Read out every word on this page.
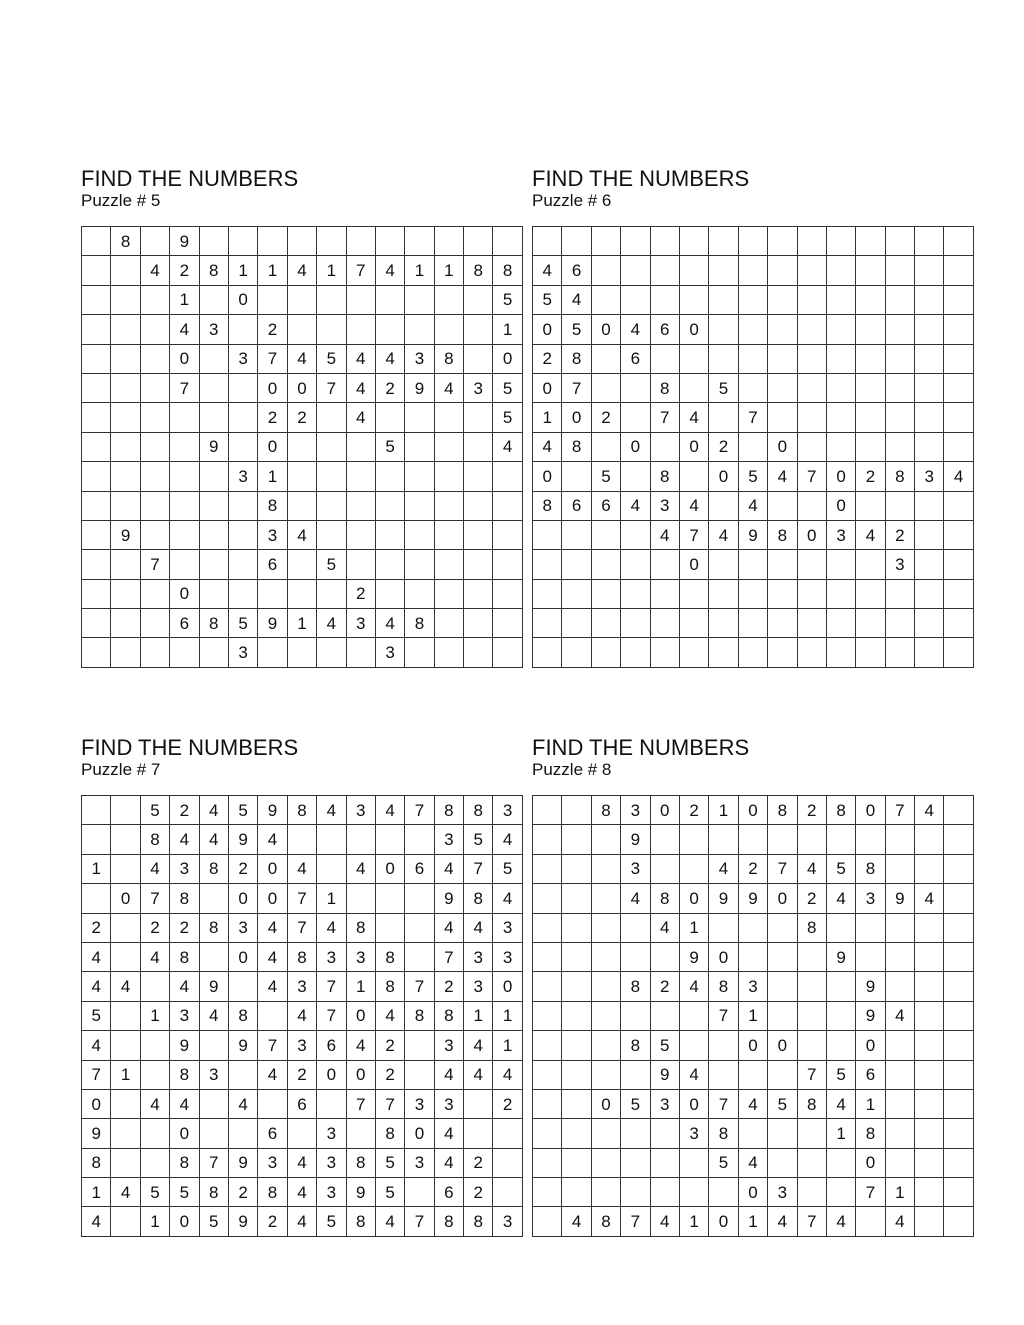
FIND THE NUMBERS
Puzzle # 5
	8		9											
		4	2	8	1	1	4	1	7	4	1	1	8	8
			1		0									5
			4	3		2								1
			0		3	7	4	5	4	4	3	8		0
			7			0	0	7	4	2	9	4	3	5
						2	2		4					5
				9		0				5				4
					3	1								
						8								
	9					3	4							
		7				6		5						
			0						2					
			6	8	5	9	1	4	3	4	8			
					3					3				
FIND THE NUMBERS
Puzzle # 6

4	6													
5	4													
0	5	0	4	6	0									
2	8		6											
0	7			8		5								
1	0	2		7	4		7							
4	8		0		0	2		0						
0		5		8		0	5	4	7	0	2	8	3	4
8	6	6	4	3	4		4			0				
				4	7	4	9	8	0	3	4	2		
					0							3		

FIND THE NUMBERS
Puzzle # 7
		5	2	4	5	9	8	4	3	4	7	8	8	3
		8	4	4	9	4						3	5	4
1		4	3	8	2	0	4		4	0	6	4	7	5
	0	7	8		0	0	7	1				9	8	4
2		2	2	8	3	4	7	4	8			4	4	3
4		4	8		0	4	8	3	3	8		7	3	3
4	4		4	9		4	3	7	1	8	7	2	3	0
5		1	3	4	8		4	7	0	4	8	8	1	1
4			9		9	7	3	6	4	2		3	4	1
7	1		8	3		4	2	0	0	2		4	4	4
0		4	4		4		6		7	7	3	3		2
9			0			6		3		8	0	4		
8			8	7	9	3	4	3	8	5	3	4	2	
1	4	5	5	8	2	8	4	3	9	5		6	2	
4		1	0	5	9	2	4	5	8	4	7	8	8	3
FIND THE NUMBERS
Puzzle # 8
		8	3	0	2	1	0	8	2	8	0	7	4	
			9											
			3			4	2	7	4	5	8			
			4	8	0	9	9	0	2	4	3	9	4	
				4	1				8					
					9	0				9				
			8	2	4	8	3				9			
						7	1				9	4		
			8	5			0	0			0			
				9	4				7	5	6			
		0	5	3	0	7	4	5	8	4	1			
					3	8				1	8			
						5	4				0			
							0	3			7	1		
	4	8	7	4	1	0	1	4	7	4		4		
